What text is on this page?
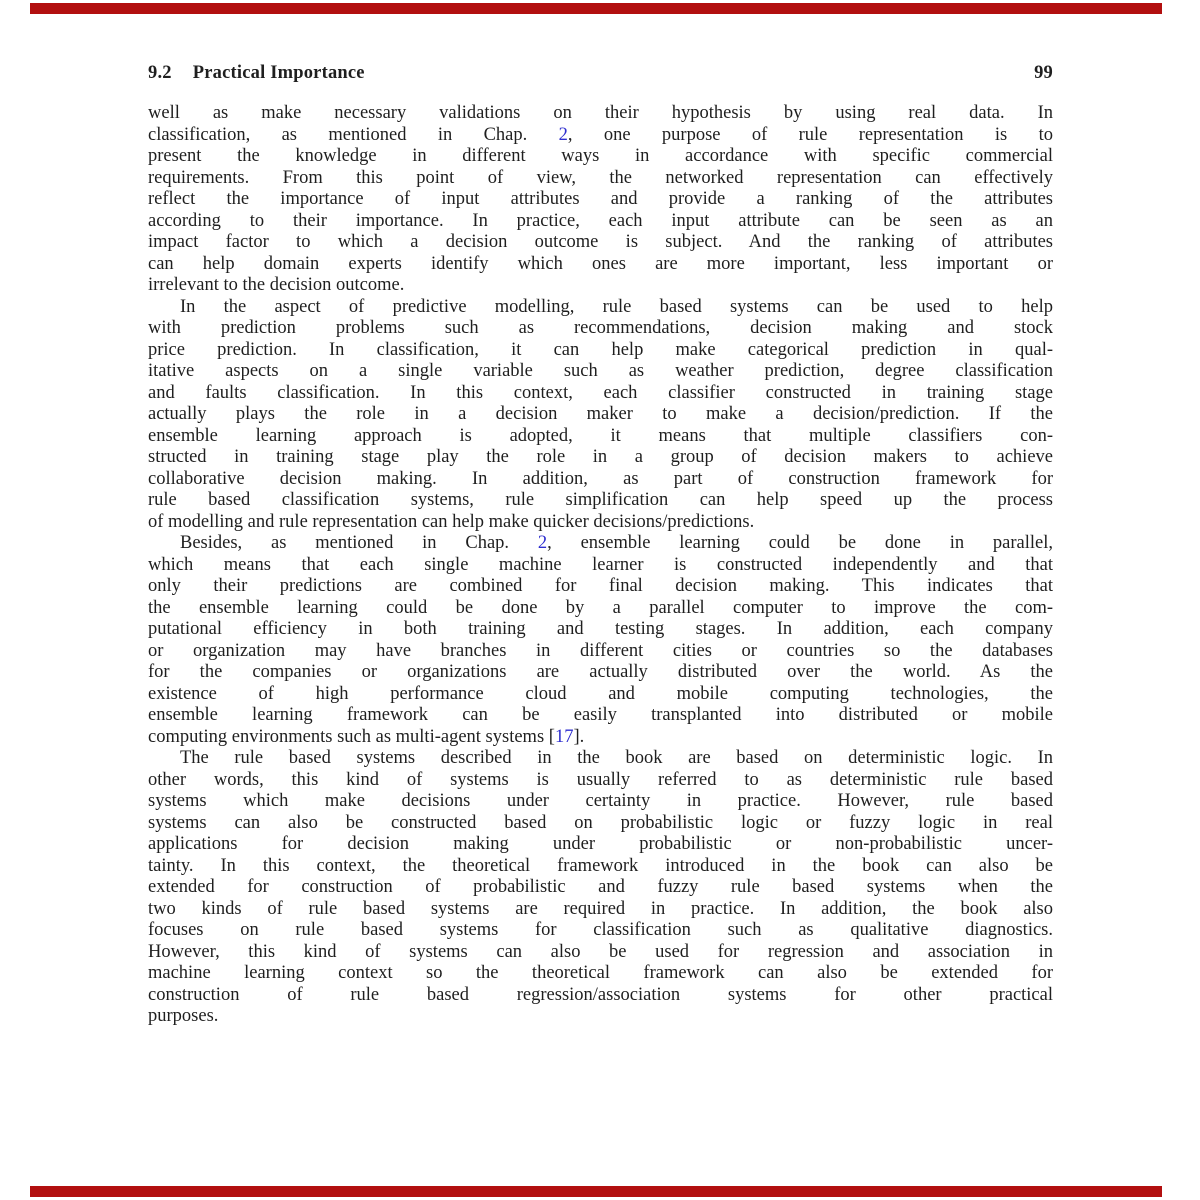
9.2 Practical Importance	99
well as make necessary validations on their hypothesis by using real data. In
classification, as mentioned in Chap. 2, one purpose of rule representation is to
present the knowledge in different ways in accordance with specific commercial
requirements. From this point of view, the networked representation can effectively
reflect the importance of input attributes and provide a ranking of the attributes
according to their importance. In practice, each input attribute can be seen as an
impact factor to which a decision outcome is subject. And the ranking of attributes
can help domain experts identify which ones are more important, less important or
irrelevant to the decision outcome.
In the aspect of predictive modelling, rule based systems can be used to help
with prediction problems such as recommendations, decision making and stock
price prediction. In classification, it can help make categorical prediction in qual-
itative aspects on a single variable such as weather prediction, degree classification
and faults classification. In this context, each classifier constructed in training stage
actually plays the role in a decision maker to make a decision/prediction. If the
ensemble learning approach is adopted, it means that multiple classifiers con-
structed in training stage play the role in a group of decision makers to achieve
collaborative decision making. In addition, as part of construction framework for
rule based classification systems, rule simplification can help speed up the process
of modelling and rule representation can help make quicker decisions/predictions.
Besides, as mentioned in Chap. 2, ensemble learning could be done in parallel,
which means that each single machine learner is constructed independently and that
only their predictions are combined for final decision making. This indicates that
the ensemble learning could be done by a parallel computer to improve the com-
putational efficiency in both training and testing stages. In addition, each company
or organization may have branches in different cities or countries so the databases
for the companies or organizations are actually distributed over the world. As the
existence of high performance cloud and mobile computing technologies, the
ensemble learning framework can be easily transplanted into distributed or mobile
computing environments such as multi-agent systems [17].
The rule based systems described in the book are based on deterministic logic. In
other words, this kind of systems is usually referred to as deterministic rule based
systems which make decisions under certainty in practice. However, rule based
systems can also be constructed based on probabilistic logic or fuzzy logic in real
applications for decision making under probabilistic or non-probabilistic uncer-
tainty. In this context, the theoretical framework introduced in the book can also be
extended for construction of probabilistic and fuzzy rule based systems when the
two kinds of rule based systems are required in practice. In addition, the book also
focuses on rule based systems for classification such as qualitative diagnostics.
However, this kind of systems can also be used for regression and association in
machine learning context so the theoretical framework can also be extended for
construction of rule based regression/association systems for other practical
purposes.
